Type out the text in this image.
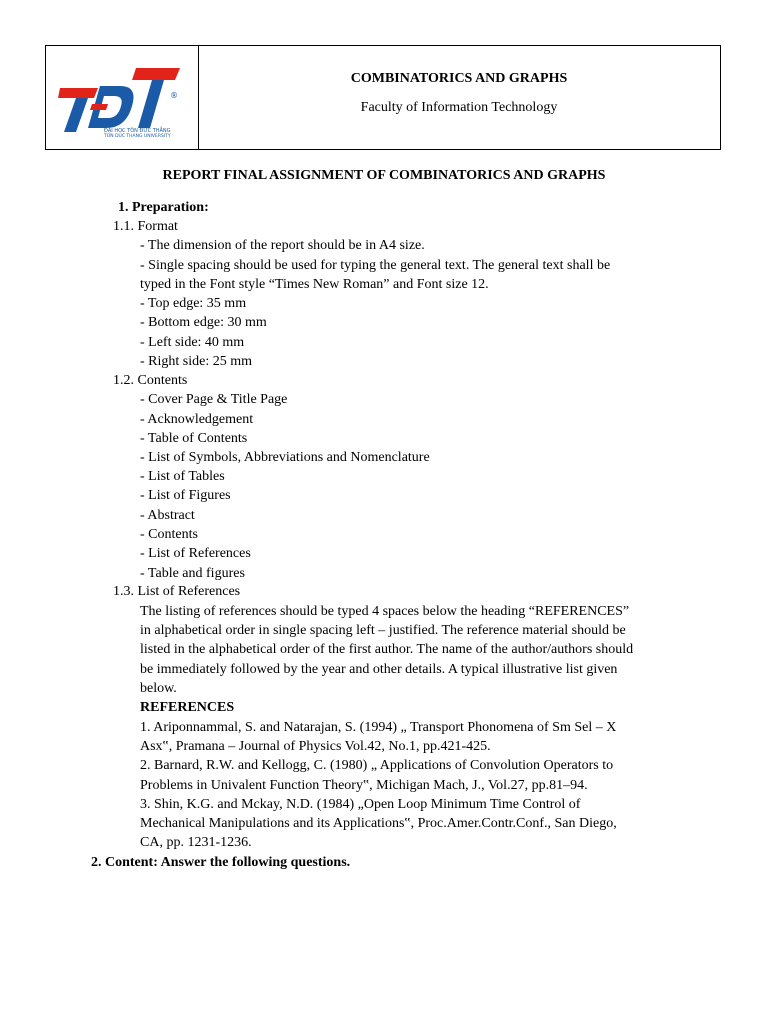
®
ĐẠI HỌC TÔN ĐỨC THẮNG
TON DUC THANG UNIVERSITY
COMBINATORICS AND GRAPHS
Faculty of Information Technology
REPORT FINAL ASSIGNMENT OF COMBINATORICS AND GRAPHS
1. Preparation:
1.1. Format
- The dimension of the report should be in A4 size.
- Single spacing should be used for typing the general text. The general text shall be
typed in the Font style “Times New Roman” and Font size 12.
- Top edge: 35 mm
- Bottom edge: 30 mm
- Left side: 40 mm
- Right side: 25 mm
1.2. Contents
- Cover Page & Title Page
- Acknowledgement
- Table of Contents
- List of Symbols, Abbreviations and Nomenclature
- List of Tables
- List of Figures
- Abstract
- Contents
- List of References
- Table and figures
1.3. List of References
The listing of references should be typed 4 spaces below the heading “REFERENCES”
in alphabetical order in single spacing left – justified. The reference material should be
listed in the alphabetical order of the first author. The name of the author/authors should
be immediately followed by the year and other details. A typical illustrative list given
below.
REFERENCES
1. Ariponnammal, S. and Natarajan, S. (1994) „ Transport Phonomena of Sm Sel – X
Asx‟, Pramana – Journal of Physics Vol.42, No.1, pp.421-425.
2. Barnard, R.W. and Kellogg, C. (1980) „ Applications of Convolution Operators to
Problems in Univalent Function Theory‟, Michigan Mach, J., Vol.27, pp.81–94.
3. Shin, K.G. and Mckay, N.D. (1984) „Open Loop Minimum Time Control of
Mechanical Manipulations and its Applications‟, Proc.Amer.Contr.Conf., San Diego,
CA, pp. 1231-1236.
2. Content: Answer the following questions.
